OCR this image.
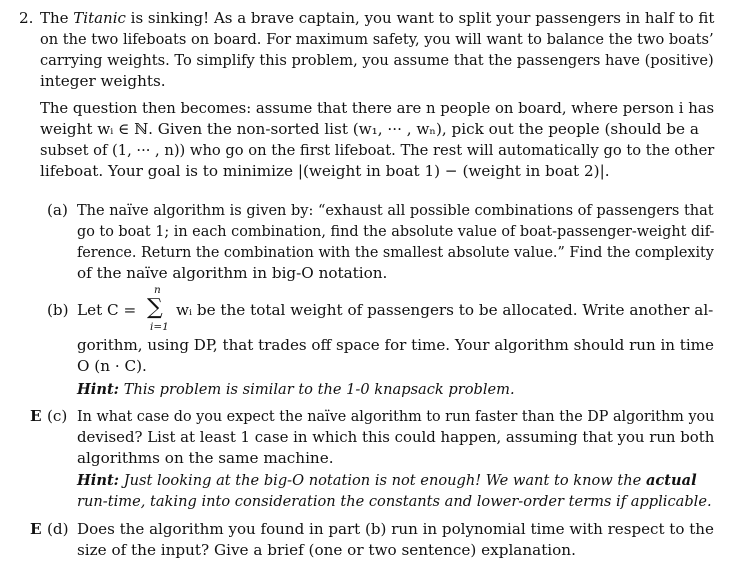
2. The Titanic is sinking! As a brave captain, you want to split your passengers in half to fit
on the two lifeboats on board. For maximum safety, you will want to balance the two boats’
carrying weights. To simplify this problem, you assume that the passengers have (positive)
integer weights.
The question then becomes: assume that there are n people on board, where person i has
weight wᵢ ∈ ℕ. Given the non-sorted list (w₁, ··· , wₙ), pick out the people (should be a
subset of (1, ··· , n)) who go on the first lifeboat. The rest will automatically go to the other
lifeboat. Your goal is to minimize |(weight in boat 1) − (weight in boat 2)|.
(a) The naïve algorithm is given by: “exhaust all possible combinations of passengers that
go to boat 1; in each combination, find the absolute value of boat-passenger-weight dif-
ference. Return the combination with the smallest absolute value.” Find the complexity
of the naïve algorithm in big-O notation.
(b) Let C =
n
∑
i=1
wᵢ be the total weight of passengers to be allocated. Write another al-
gorithm, using DP, that trades off space for time. Your algorithm should run in time
O (n · C).
Hint: This problem is similar to the 1-0 knapsack problem.
E (c) In what case do you expect the naïve algorithm to run faster than the DP algorithm you
devised? List at least 1 case in which this could happen, assuming that you run both
algorithms on the same machine.
Hint: Just looking at the big-O notation is not enough! We want to know the actual
run-time, taking into consideration the constants and lower-order terms if applicable.
E (d) Does the algorithm you found in part (b) run in polynomial time with respect to the
size of the input? Give a brief (one or two sentence) explanation.
